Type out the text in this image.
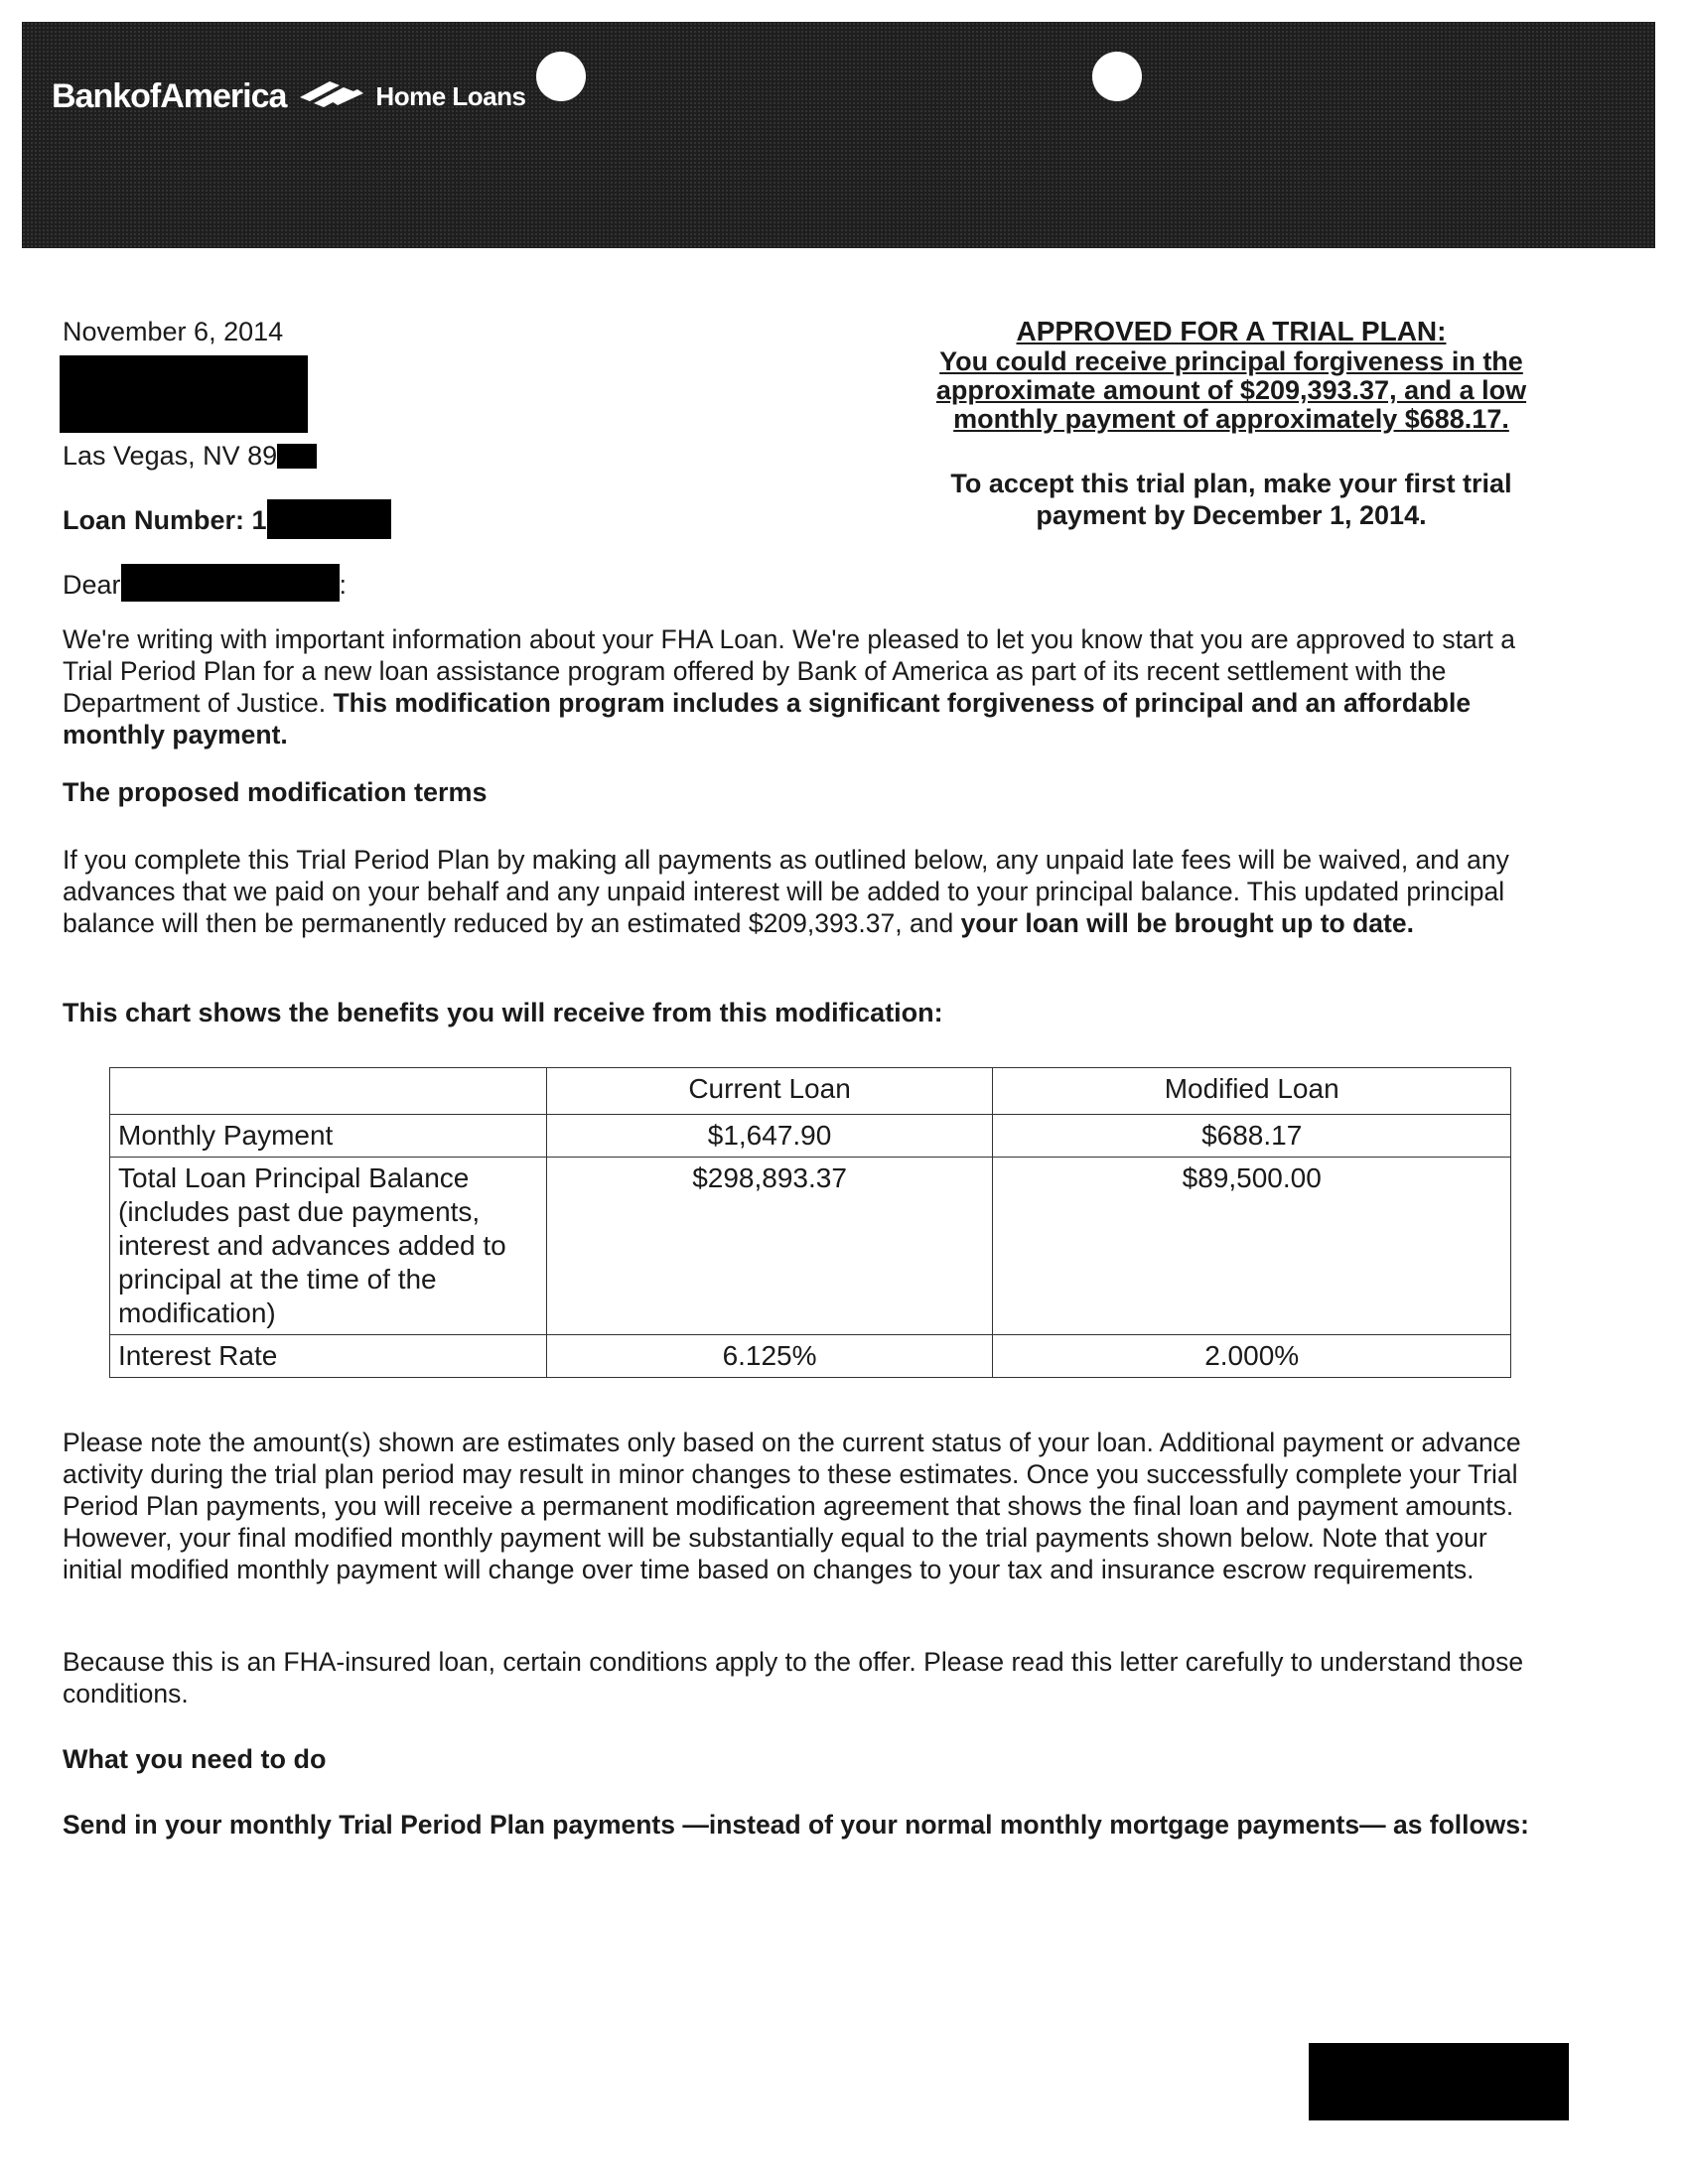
BankofAmerica	Home Loans
November 6, 2014
Las Vegas, NV 89
Loan Number: 1
Dear	:
APPROVED FOR A TRIAL PLAN:
You could receive principal forgiveness in the
approximate amount of $209,393.37, and a low
monthly payment of approximately $688.17.
To accept this trial plan, make your first trial
payment by December 1, 2014.
We're writing with important information about your FHA Loan. We're pleased to let you know that you are approved to start a Trial Period Plan for a new loan assistance program offered by Bank of America as part of its recent settlement with the Department of Justice. This modification program includes a significant forgiveness of principal and an affordable monthly payment.
The proposed modification terms
If you complete this Trial Period Plan by making all payments as outlined below, any unpaid late fees will be waived, and any advances that we paid on your behalf and any unpaid interest will be added to your principal balance. This updated principal balance will then be permanently reduced by an estimated $209,393.37, and your loan will be brought up to date.
This chart shows the benefits you will receive from this modification:
	Current Loan	Modified Loan
Monthly Payment	$1,647.90	$688.17
Total Loan Principal Balance (includes past due payments, interest and advances added to principal at the time of the modification)	$298,893.37	$89,500.00
Interest Rate	6.125%	2.000%
Please note the amount(s) shown are estimates only based on the current status of your loan. Additional payment or advance activity during the trial plan period may result in minor changes to these estimates. Once you successfully complete your Trial Period Plan payments, you will receive a permanent modification agreement that shows the final loan and payment amounts. However, your final modified monthly payment will be substantially equal to the trial payments shown below. Note that your initial modified monthly payment will change over time based on changes to your tax and insurance escrow requirements.
Because this is an FHA-insured loan, certain conditions apply to the offer. Please read this letter carefully to understand those conditions.
What you need to do
Send in your monthly Trial Period Plan payments —instead of your normal monthly mortgage payments— as follows:
